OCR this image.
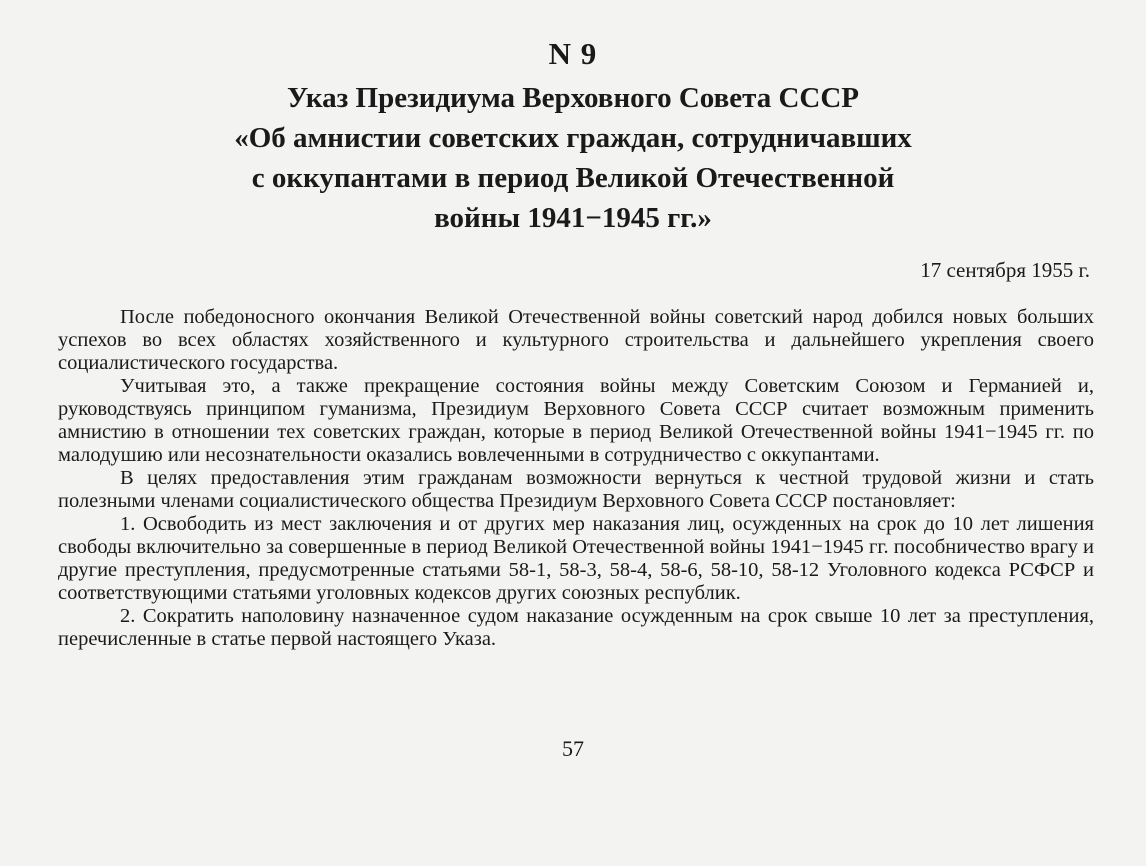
N 9
Указ Президиума Верховного Совета СССР
«Об амнистии советских граждан, сотрудничавших
с оккупантами в период Великой Отечественной
войны 1941−1945 гг.»
17 сентября 1955 г.

После победоносного окончания Великой Отечественной войны советский народ добился новых больших успехов во всех областях хозяйственного и культурного строительства и дальнейшего укрепления своего социалистического государства.

Учитывая это, а также прекращение состояния войны между Советским Союзом и Германией и, руководствуясь принципом гуманизма, Президиум Верховного Совета СССР считает возможным применить амнистию в отношении тех советских граждан, которые в период Великой Отечественной войны 1941−1945 гг. по малодушию или несознательности оказались вовлеченными в сотрудничество с оккупантами.

В целях предоставления этим гражданам возможности вернуться к честной трудовой жизни и стать полезными членами социалистического общества Президиум Верховного Совета СССР постановляет:

1. Освободить из мест заключения и от других мер наказания лиц, осужденных на срок до 10 лет лишения свободы включительно за совершенные в период Великой Отечественной войны 1941−1945 гг. пособничество врагу и другие преступления, предусмотренные статьями 58-1, 58-3, 58-4, 58-6, 58-10, 58-12 Уголовного кодекса РСФСР и соответствующими статьями уголовных кодексов других союзных республик.

2. Сократить наполовину назначенное судом наказание осужденным на срок свыше 10 лет за преступления, перечисленные в статье первой настоящего Указа.

57
